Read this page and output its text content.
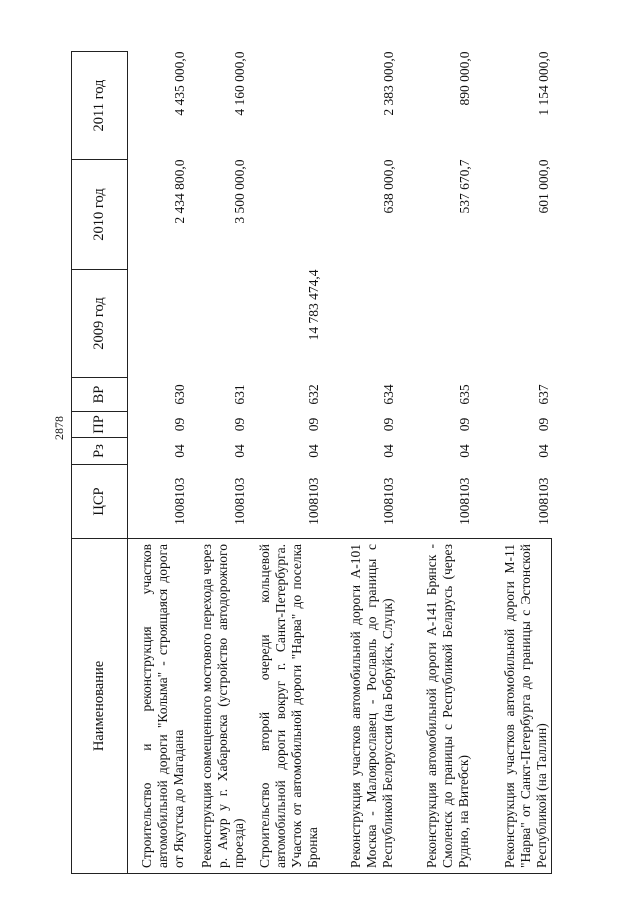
2878
Наименование	ЦСР	Рз	ПР	ВР	2009 год	2010 год	2011 год
Строительство и реконструкция участков автомобильной дороги "Колыма" - строящаяся дорога от Якутска до Магадана	1008103	04	09	630		2 434 800,0	4 435 000,0
Реконструкция совмещенного мостового перехода через р. Амур у г. Хабаровска (устройство автодорожного проезда)	1008103	04	09	631		3 500 000,0	4 160 000,0
Строительство второй очереди кольцевой автомобильной дороги вокруг г. Санкт-Петербурга. Участок от автомобильной дороги "Нарва" до поселка Бронка	1008103	04	09	632	14 783 474,4		
Реконструкция участков автомобильной дороги А-101 Москва - Малоярославец - Рославль до границы с Республикой Белоруссия (на Бобруйск, Слуцк)	1008103	04	09	634		638 000,0	2 383 000,0
Реконструкция автомобильной дороги А-141 Брянск - Смоленск до границы с Республикой Беларусь (через Рудню, на Витебск)	1008103	04	09	635		537 670,7	890 000,0
Реконструкция участков автомобильной дороги М-11 "Нарва" от Санкт-Петербурга до границы с Эстонской Республикой (на Таллин)	1008103	04	09	637		601 000,0	1 154 000,0
